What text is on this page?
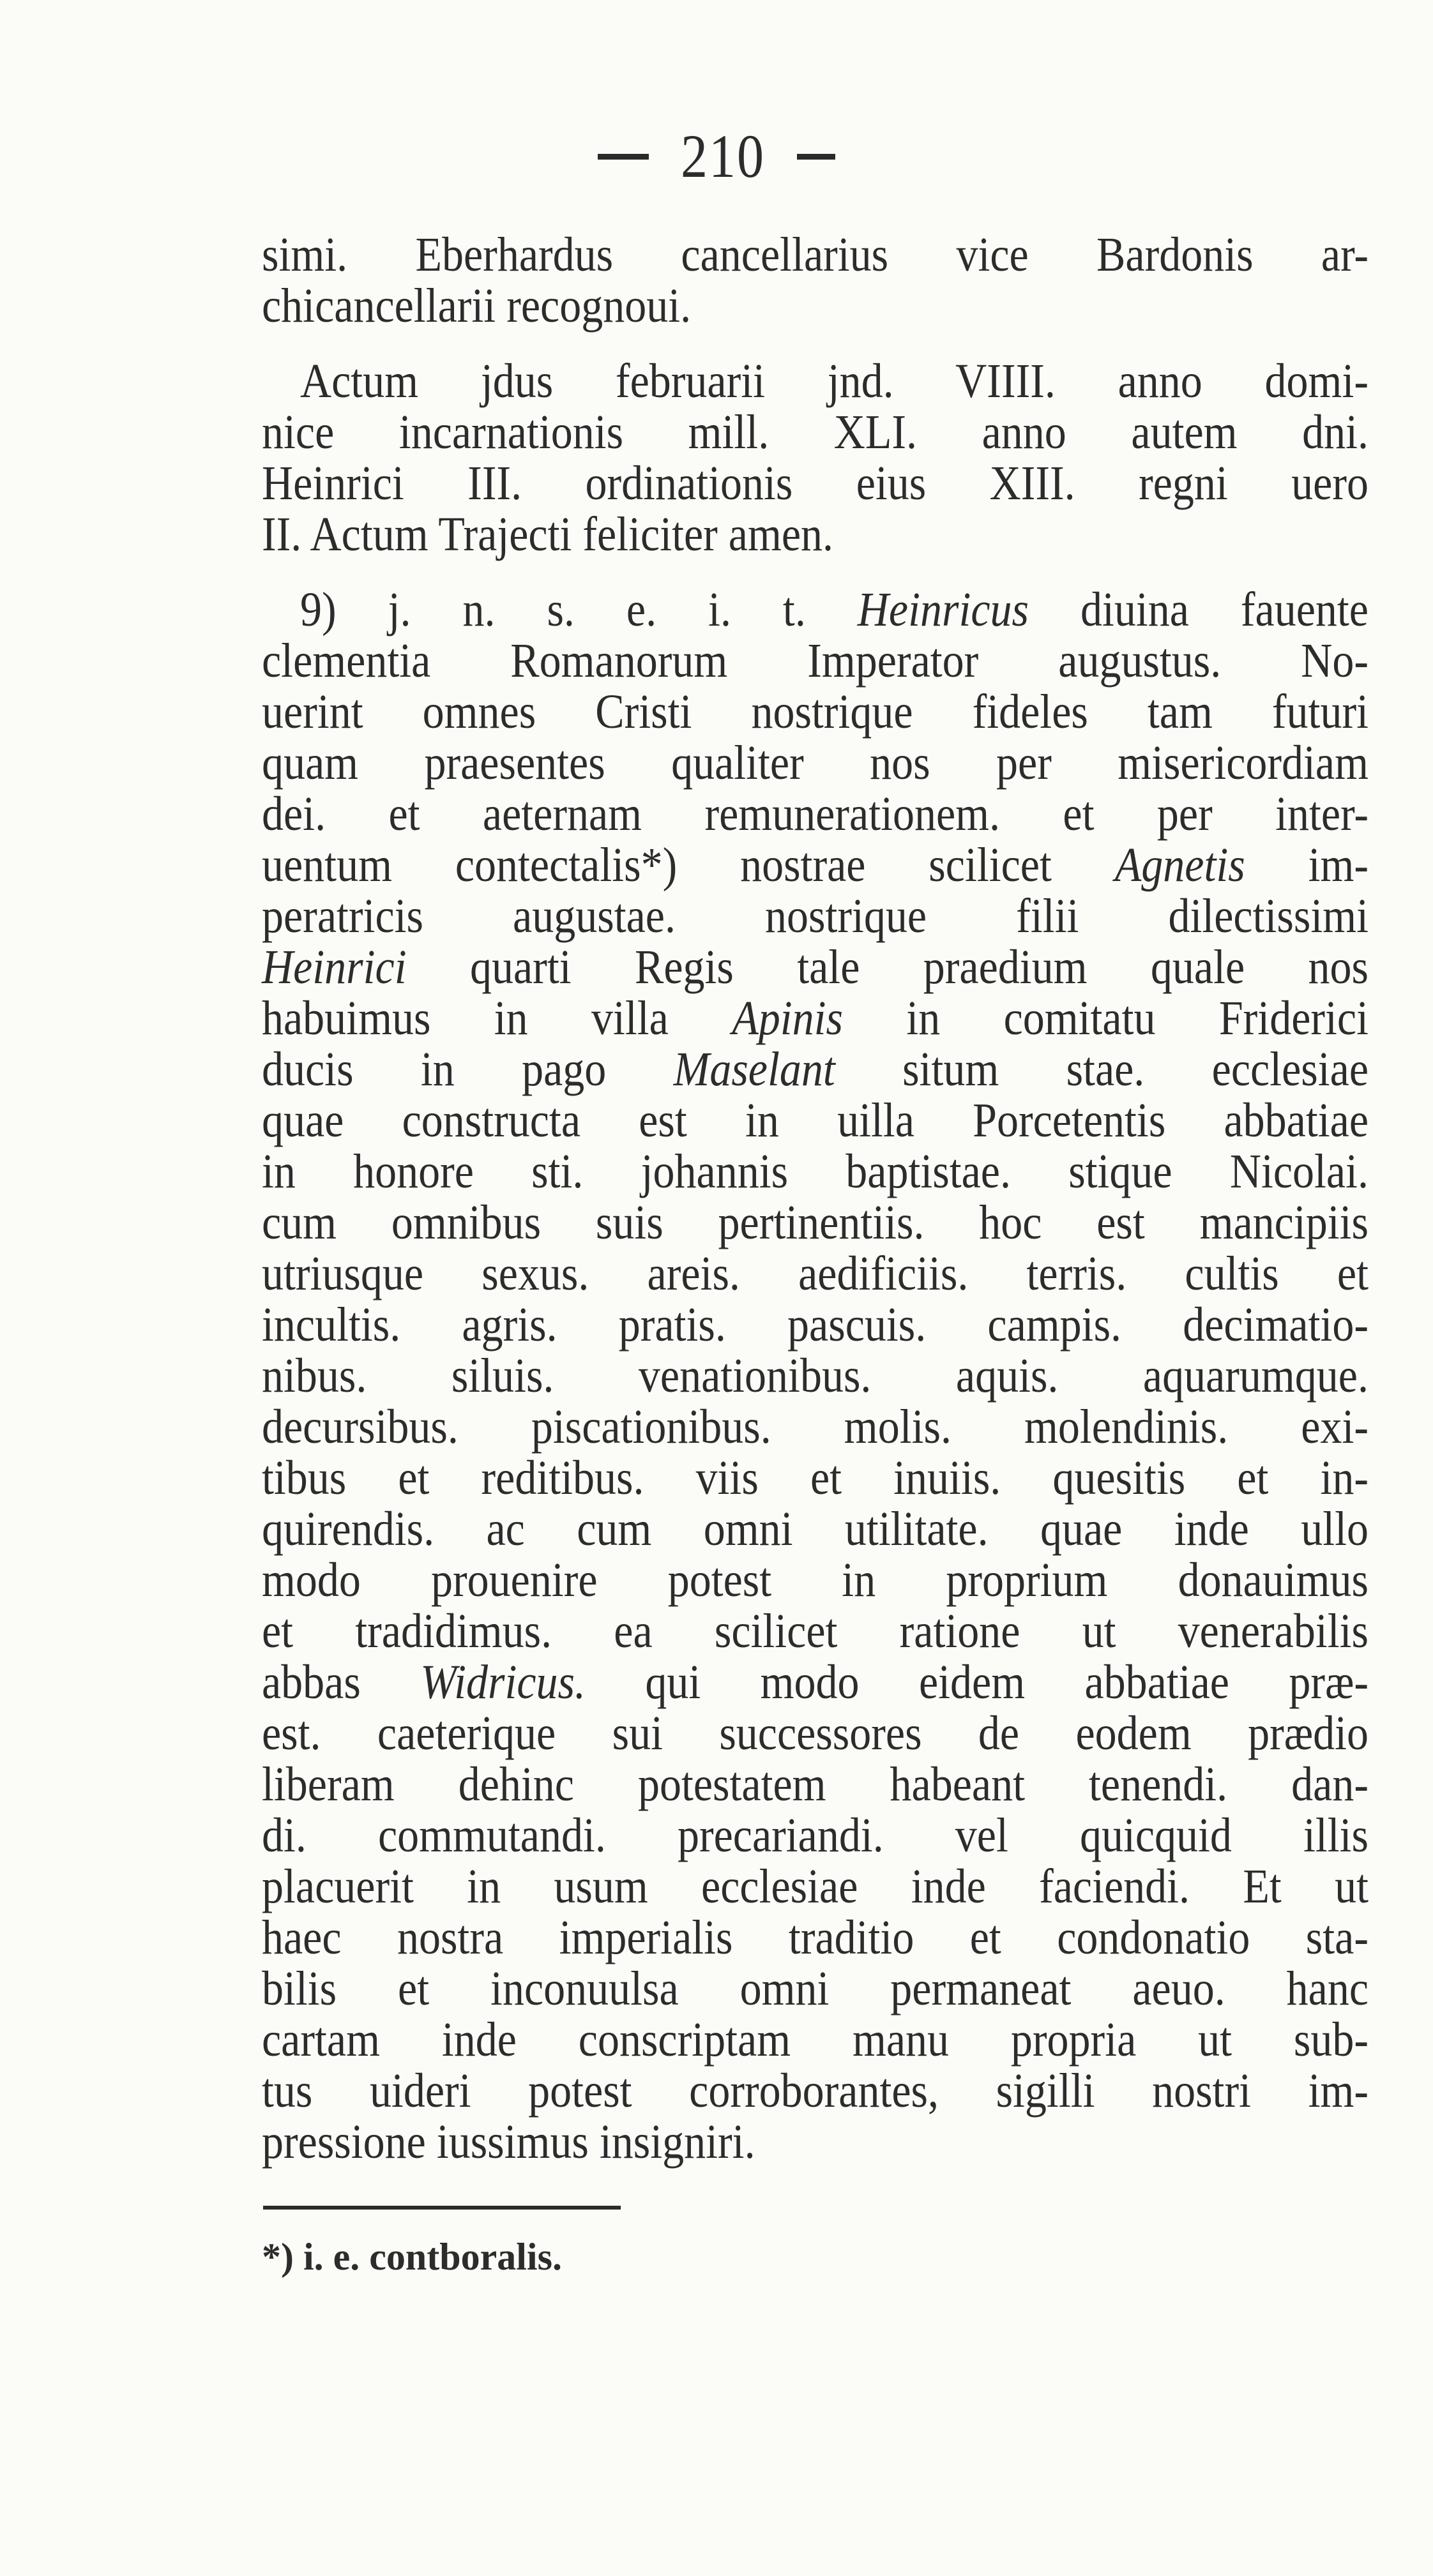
210
simi. Eberhardus cancellarius vice Bardonis ar-
chicancellarii recognoui.
Actum jdus februarii jnd. VIIII. anno domi-
nice incarnationis mill. XLI. anno autem dni.
Heinrici III. ordinationis eius XIII. regni uero
II. Actum Trajecti feliciter amen.
9) j. n. s. e. i. t. Heinricus diuina fauente
clementia Romanorum Imperator augustus. No-
uerint omnes Cristi nostrique fideles tam futuri
quam praesentes qualiter nos per misericordiam
dei. et aeternam remunerationem. et per inter-
uentum contectalis*) nostrae scilicet Agnetis im-
peratricis augustae. nostrique filii dilectissimi
Heinrici quarti Regis tale praedium quale nos
habuimus in villa Apinis in comitatu Friderici
ducis in pago Maselant situm stae. ecclesiae
quae constructa est in uilla Porcetentis abbatiae
in honore sti. johannis baptistae. stique Nicolai.
cum omnibus suis pertinentiis. hoc est mancipiis
utriusque sexus. areis. aedificiis. terris. cultis et
incultis. agris. pratis. pascuis. campis. decimatio-
nibus. siluis. venationibus. aquis. aquarumque.
decursibus. piscationibus. molis. molendinis. exi-
tibus et reditibus. viis et inuiis. quesitis et in-
quirendis. ac cum omni utilitate. quae inde ullo
modo prouenire potest in proprium donauimus
et tradidimus. ea scilicet ratione ut venerabilis
abbas Widricus. qui modo eidem abbatiae præ-
est. caeterique sui successores de eodem prædio
liberam dehinc potestatem habeant tenendi. dan-
di. commutandi. precariandi. vel quicquid illis
placuerit in usum ecclesiae inde faciendi. Et ut
haec nostra imperialis traditio et condonatio sta-
bilis et inconuulsa omni permaneat aeuo. hanc
cartam inde conscriptam manu propria ut sub-
tus uideri potest corroborantes, sigilli nostri im-
pressione iussimus insigniri.
*) i. e. contboralis.
